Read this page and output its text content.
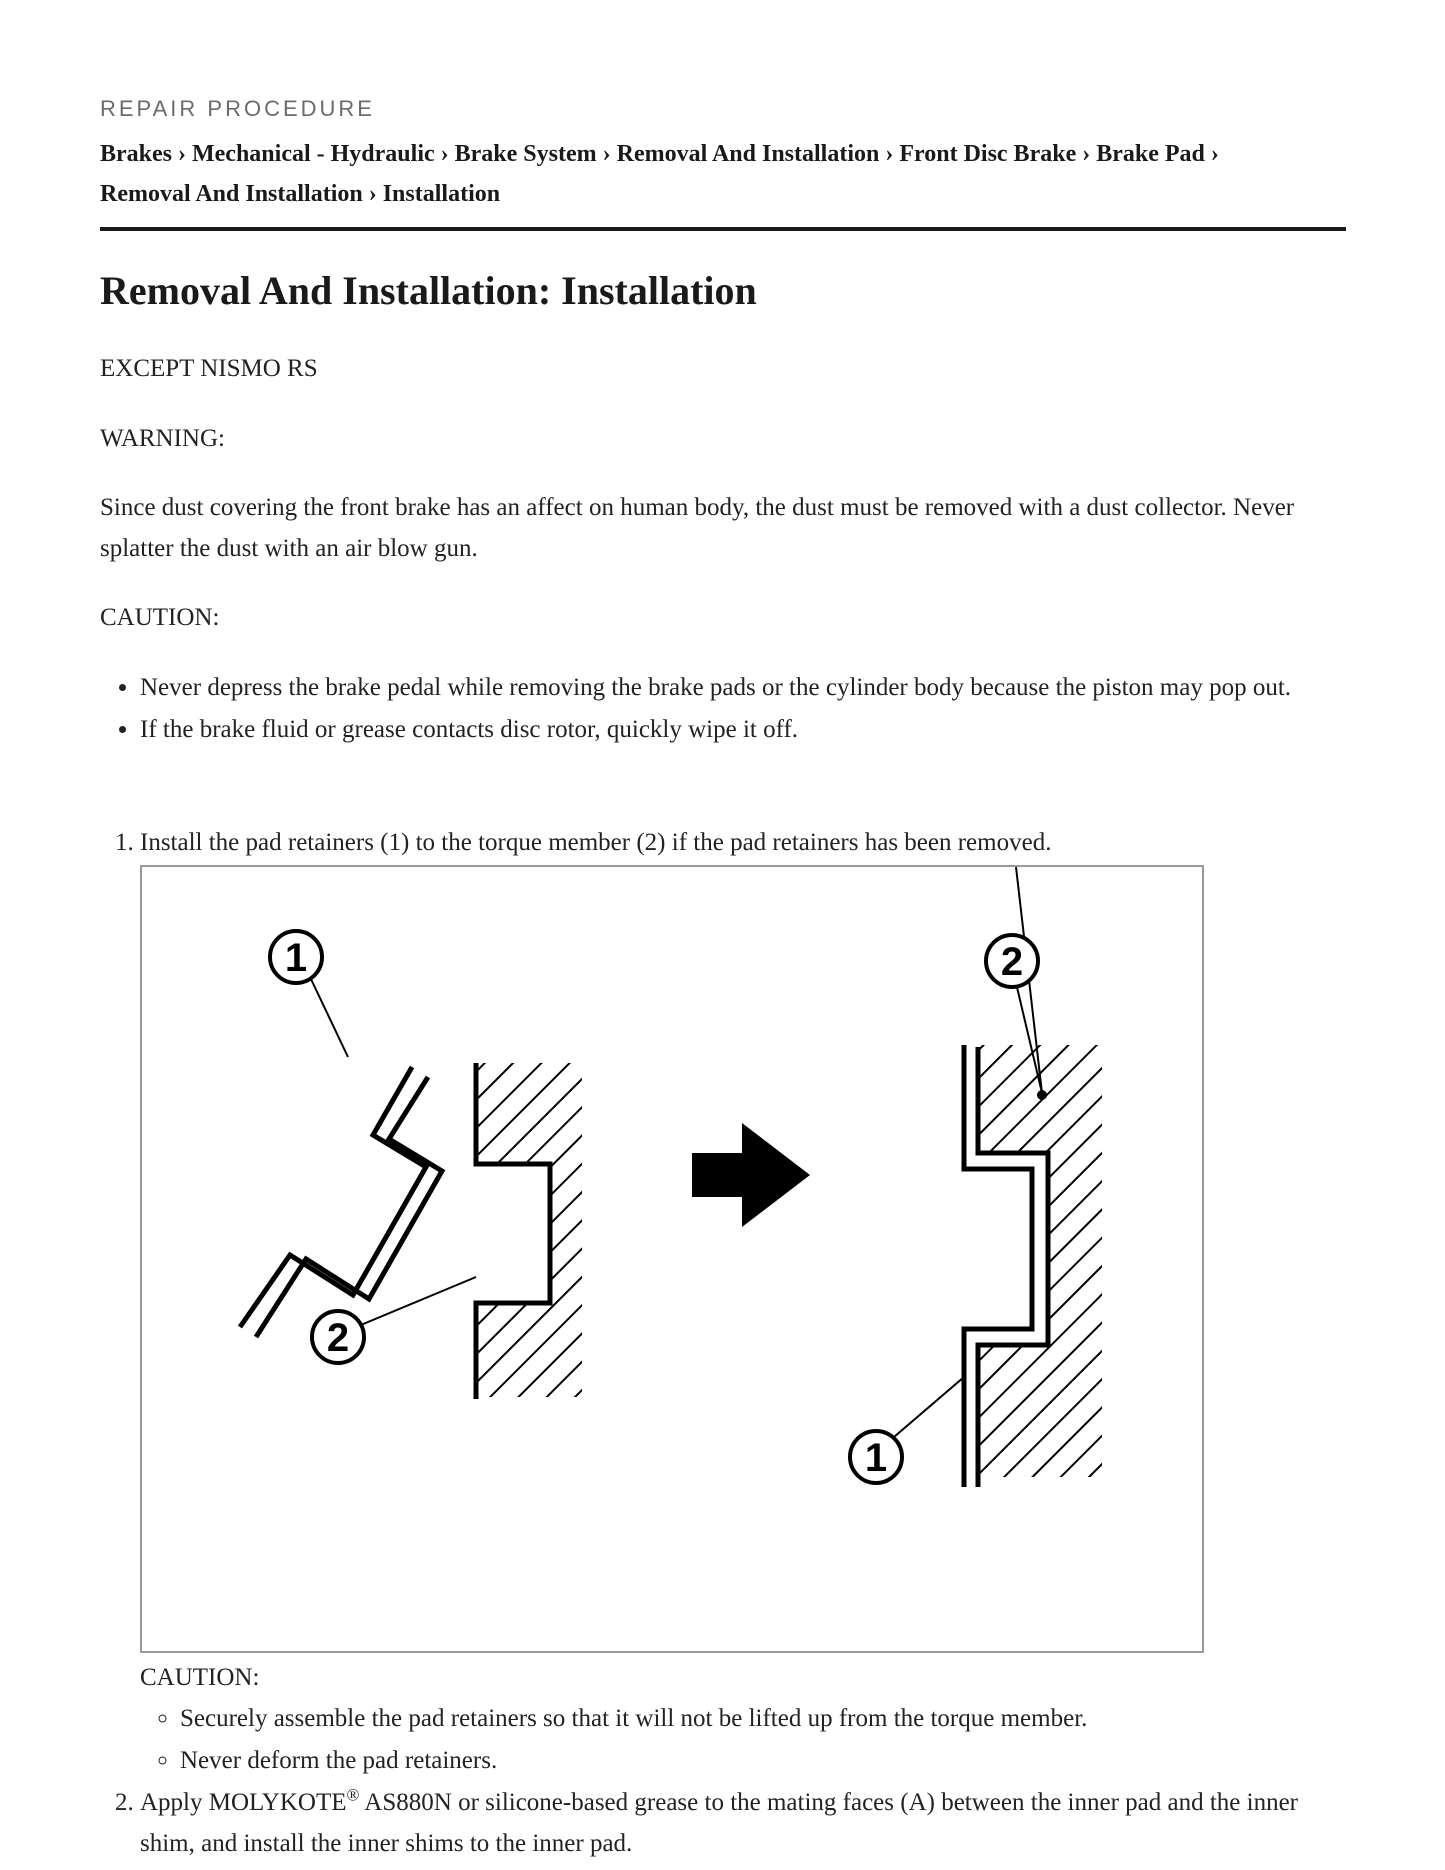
REPAIR PROCEDURE
Brakes › Mechanical - Hydraulic › Brake System › Removal And Installation › Front Disc Brake › Brake Pad ›
Removal And Installation › Installation
Removal And Installation: Installation

EXCEPT NISMO RS

WARNING:

Since dust covering the front brake has an affect on human body, the dust must be removed with a dust collector. Never splatter the dust with an air blow gun.

CAUTION:

• Never depress the brake pedal while removing the brake pads or the cylinder body because the piston may pop out.
• If the brake fluid or grease contacts disc rotor, quickly wipe it off.
1. Install the pad retainers (1) to the torque member (2) if the pad retainers has been removed.
1
2
2
1
CAUTION:
◦ Securely assemble the pad retainers so that it will not be lifted up from the torque member.
◦ Never deform the pad retainers.
2. Apply MOLYKOTE® AS880N or silicone-based grease to the mating faces (A) between the inner pad and the inner shim, and install the inner shims to the inner pad.
